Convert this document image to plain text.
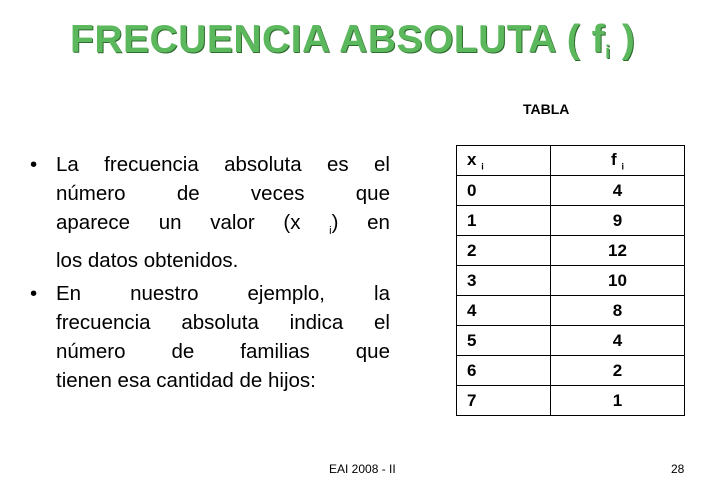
FRECUENCIA ABSOLUTA ( $f_i$ )
TABLA
• La frecuencia absoluta es el
número	de	veces	que
aparece un valor (x	$_i$) en
los datos obtenidos.
• En nuestro ejemplo, la
frecuencia absoluta indica el
número de familias que
tienen esa cantidad de hijos:
x $_i$	f $_i$
0	4
1	9
2	12
3	10
4	8
5	4
6	2
7	1
EAI 2008 - II	28
